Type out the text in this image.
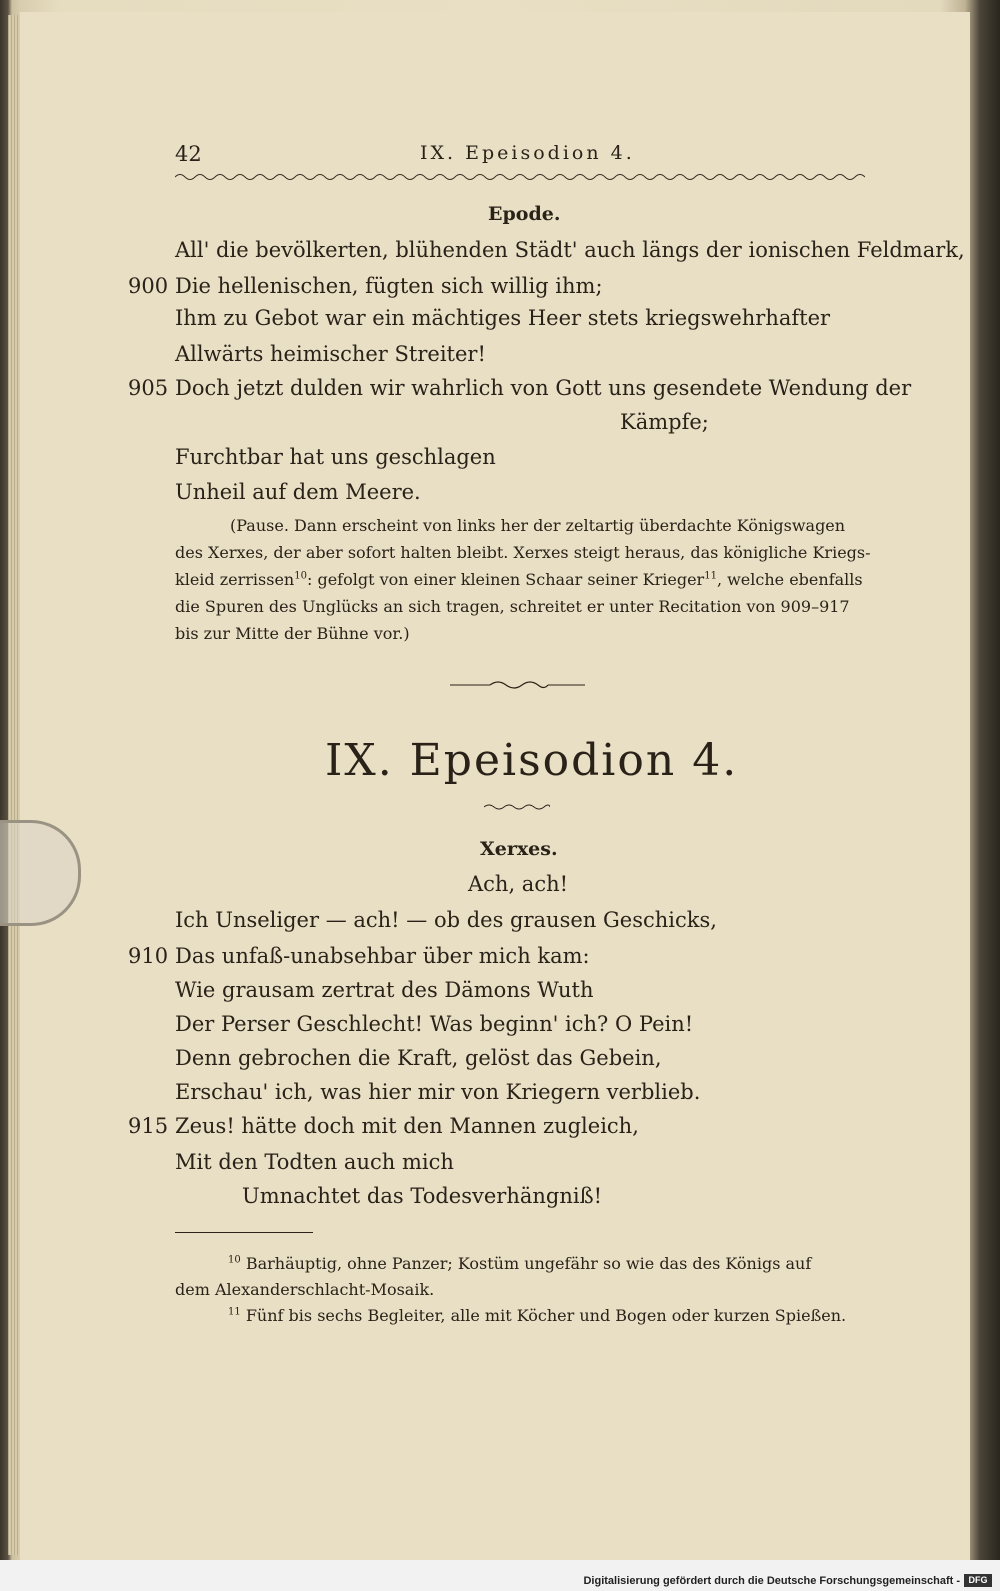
42	IX. Epeisodion 4.
Epode.
All' die bevölkerten, blühenden Städt' auch längs der ionischen Feldmark,
900 Die hellenischen, fügten sich willig ihm;
Ihm zu Gebot war ein mächtiges Heer stets kriegswehrhafter
Allwärts heimischer Streiter!
905 Doch jetzt dulden wir wahrlich von Gott uns gesendete Wendung der
Kämpfe;
Furchtbar hat uns geschlagen
Unheil auf dem Meere.
(Pause. Dann erscheint von links her der zeltartig überdachte Königswagen
des Xerxes, der aber sofort halten bleibt. Xerxes steigt heraus, das königliche Kriegs-
kleid zerrissen$^{10}$: gefolgt von einer kleinen Schaar seiner Krieger$^{11}$, welche ebenfalls
die Spuren des Unglücks an sich tragen, schreitet er unter Recitation von 909–917
bis zur Mitte der Bühne vor.)
IX. Epeisodion 4.
Xerxes.
Ach, ach!
Ich Unseliger — ach! — ob des grausen Geschicks,
910 Das unfaß-unabsehbar über mich kam:
Wie grausam zertrat des Dämons Wuth
Der Perser Geschlecht! Was beginn' ich? O Pein!
Denn gebrochen die Kraft, gelöst das Gebein,
Erschau' ich, was hier mir von Kriegern verblieb.
915 Zeus! hätte doch mit den Mannen zugleich,
Mit den Todten auch mich
Umnachtet das Todesverhängniß!
$^{10}$ Barhäuptig, ohne Panzer; Kostüm ungefähr so wie das des Königs auf
dem Alexanderschlacht-Mosaik.
$^{11}$ Fünf bis sechs Begleiter, alle mit Köcher und Bogen oder kurzen Spießen.
Digitalisierung gefördert durch die Deutsche Forschungsgemeinschaft - DFG
